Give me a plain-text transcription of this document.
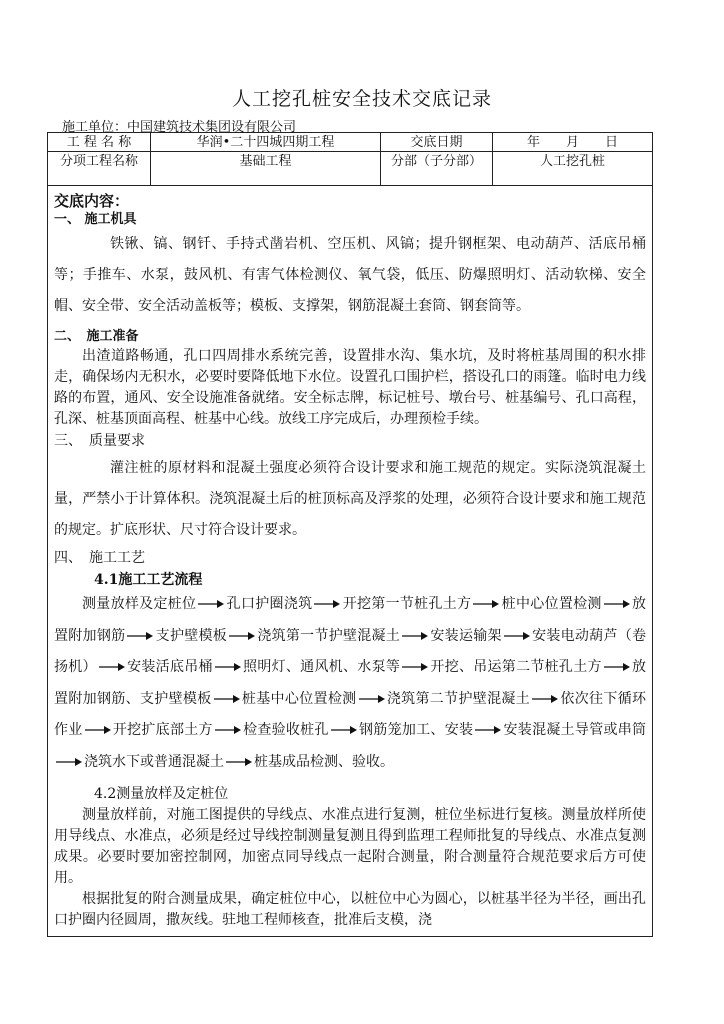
人工挖孔桩安全技术交底记录
施工单位：中国建筑技术集团设有限公司
工 程 名 称	华润•二十四城四期工程	交底日期	年　　月　　日
分项工程名称	基础工程	分部（子分部）	人工挖孔桩

交底内容：

一、 施工机具

铁锹、镐、钢钎、手持式凿岩机、空压机、风镐；提升钢框架、电动葫芦、活底吊桶等；手推车、水泵，鼓风机、有害气体检测仪、氧气袋，低压、防爆照明灯、活动软梯、安全帽、安全带、安全活动盖板等；模板、支撑架，钢筋混凝土套筒、钢套筒等。

二、　施工准备

出渣道路畅通，孔口四周排水系统完善，设置排水沟、集水坑，及时将桩基周围的积水排走，确保场内无积水，必要时要降低地下水位。设置孔口围护栏，搭设孔口的雨篷。临时电力线路的布置，通风、安全设施准备就绪。安全标志牌，标记桩号、墩台号、桩基编号、孔口高程，孔深、桩基顶面高程、桩基中心线。放线工序完成后，办理预检手续。

三、　质量要求

灌注桩的原材料和混凝土强度必须符合设计要求和施工规范的规定。实际浇筑混凝土量，严禁小于计算体积。浇筑混凝土后的桩顶标高及浮浆的处理，必须符合设计要求和施工规范的规定。扩底形状、尺寸符合设计要求。

四、　施工工艺

4.1施工工艺流程

测量放样及定桩位 孔口护圈浇筑 开挖第一节桩孔土方 桩中心位置检测 放置附加钢筋 支护壁模板 浇筑第一节护壁混凝土 安装运输架 安装电动葫芦（卷扬机） 安装活底吊桶 照明灯、通风机、水泵等 开挖、吊运第二节桩孔土方 放置附加钢筋、支护壁模板 桩基中心位置检测 浇筑第二节护壁混凝土 依次往下循环作业 开挖扩底部土方 检查验收桩孔 钢筋笼加工、安装 安装混凝土导管或串筒浇筑水下或普通混凝土 桩基成品检测、验收。

4.2测量放样及定桩位

测量放样前，对施工图提供的导线点、水准点进行复测，桩位坐标进行复核。测量放样所使用导线点、水准点，必须是经过导线控制测量复测且得到监理工程师批复的导线点、水准点复测成果。必要时要加密控制网，加密点同导线点一起附合测量，附合测量符合规范要求后方可使用。

根据批复的附合测量成果，确定桩位中心，以桩位中心为圆心，以桩基半径为半径，画出孔口护圈内径圆周，撒灰线。驻地工程师核查，批准后支模，浇
